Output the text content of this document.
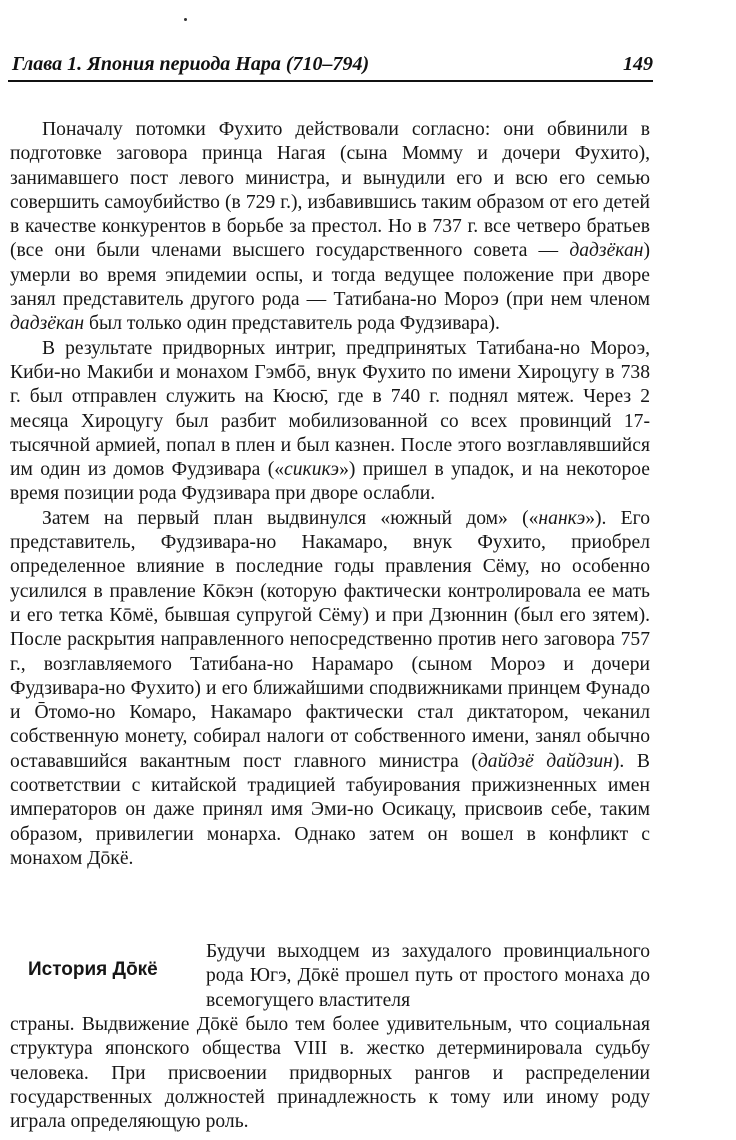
Глава 1. Япония периода Нара (710–794)	149

Поначалу потомки Фухито действовали согласно: они обвинили в подготовке заговора принца Нагая (сына Момму и дочери Фухито), занимавшего пост левого министра, и вынудили его и всю его семью совершить самоубийство (в 729 г.), избавившись таким образом от его детей в качестве конкурентов в борьбе за престол. Но в 737 г. все четверо братьев (все они были членами высшего государственного совета — дадзёкан) умерли во время эпидемии оспы, и тогда ведущее положение при дворе занял представитель другого рода — Татибана-но Мороэ (при нем членом дадзёкан был только один представитель рода Фудзивара).

В результате придворных интриг, предпринятых Татибана-но Мороэ, Киби-но Макиби и монахом Гэмбō, внук Фухито по имени Хироцугу в 738 г. был отправлен служить на Кюсю̄, где в 740 г. поднял мятеж. Через 2 месяца Хироцугу был разбит мобилизованной со всех провинций 17-тысячной армией, попал в плен и был казнен. После этого возглавлявшийся им один из домов Фудзивара («сикикэ») пришел в упадок, и на некоторое время позиции рода Фудзивара при дворе ослабли.

Затем на первый план выдвинулся «южный дом» («нанкэ»). Его представитель, Фудзивара-но Накамаро, внук Фухито, приобрел определенное влияние в последние годы правления Сёму, но особенно усилился в правление Кōкэн (которую фактически контролировала ее мать и его тетка Кōмё, бывшая супругой Сёму) и при Дзюннин (был его зятем). После раскрытия направленного непосредственно против него заговора 757 г., возглавляемого Татибана-но Нарамаро (сыном Мороэ и дочери Фудзивара-но Фухито) и его ближайшими сподвижниками принцем Фунадо и Ōтомо-но Комаро, Накамаро фактически стал диктатором, чеканил собственную монету, собирал налоги от собственного имени, занял обычно остававшийся вакантным пост главного министра (дайдзё дайдзин). В соответствии с китайской традицией табуирования прижизненных имен императоров он даже принял имя Эми-но Осикацу, присвоив себе, таким образом, привилегии монарха. Однако затем он вошел в конфликт с монахом Дōкё.

История Дōкё

Будучи выходцем из захудалого провинциального рода Югэ, Дōкё прошел путь от простого монаха до всемогущего властителя

страны. Выдвижение Дōкё было тем более удивительным, что социальная структура японского общества VIII в. жестко детерминировала судьбу человека. При присвоении придворных рангов и распределении государственных должностей принадлежность к тому или иному роду играла определяющую роль.
